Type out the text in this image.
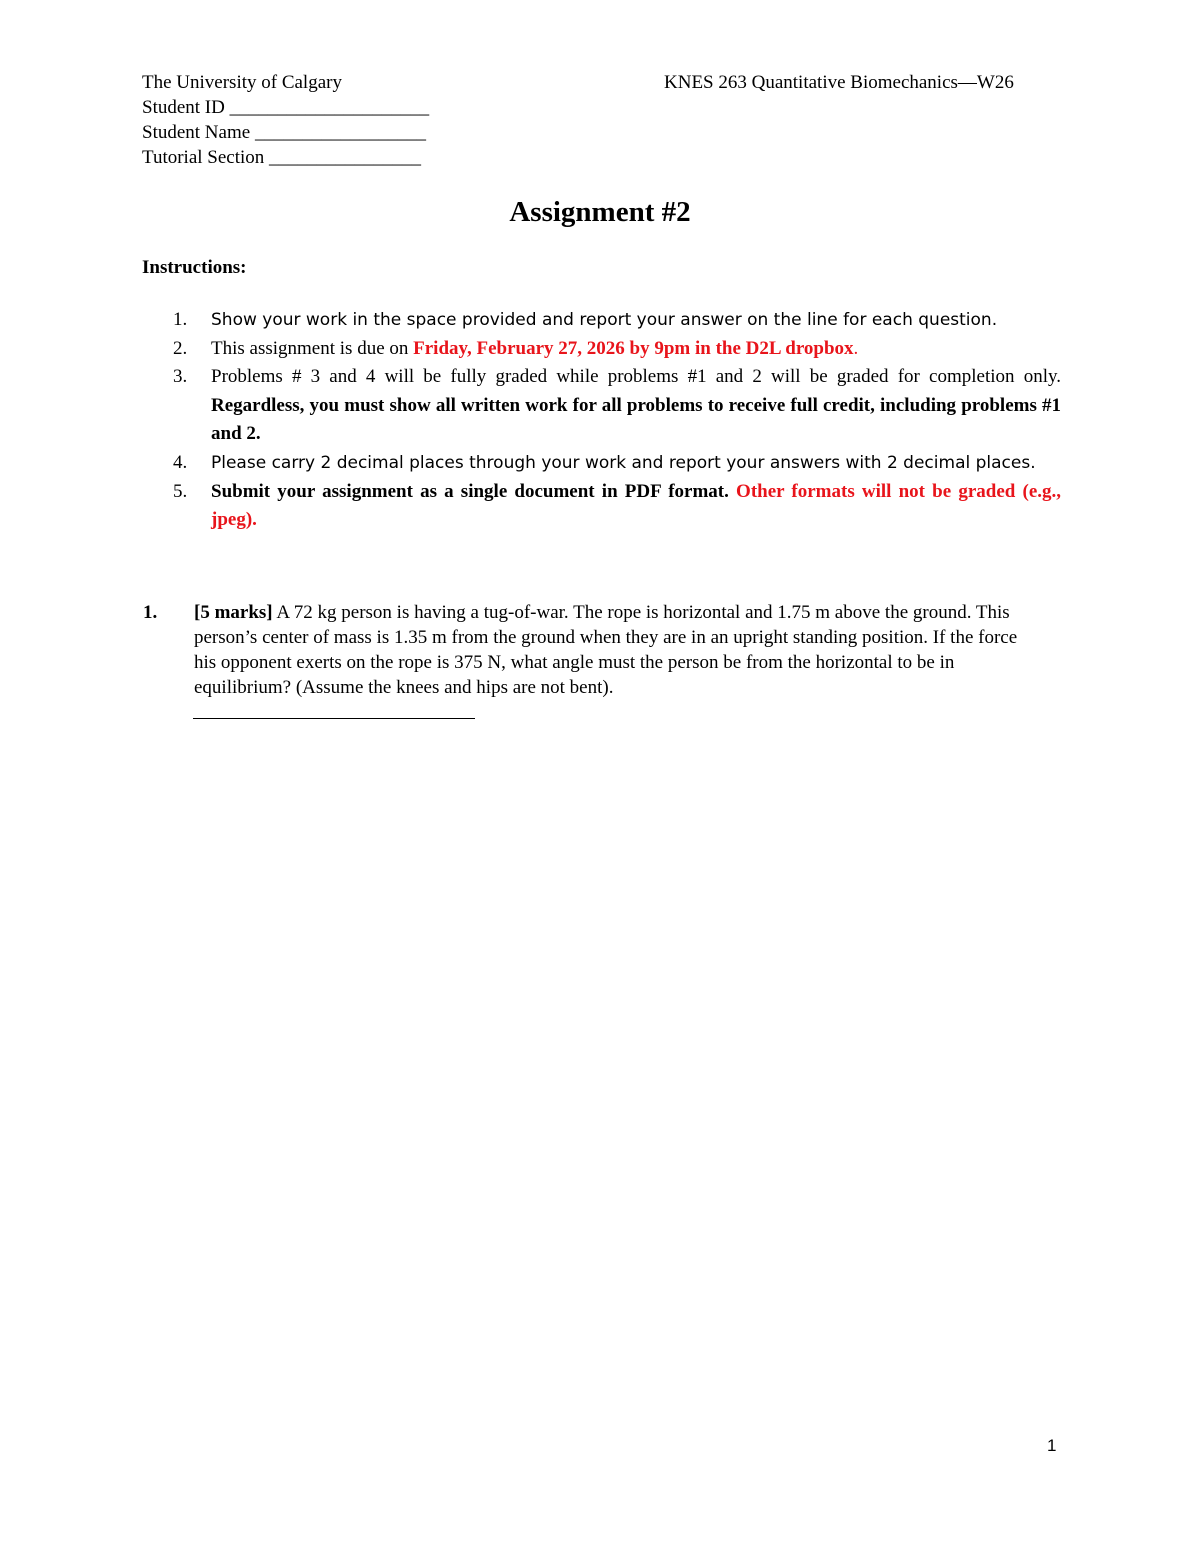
The University of Calgary	KNES 263 Quantitative Biomechanics—W26
Student ID _____________________
Student Name __________________
Tutorial Section ________________
Assignment #2
Instructions:
1. Show your work in the space provided and report your answer on the line for each question.
2. This assignment is due on Friday, February 27, 2026 by 9pm in the D2L dropbox.
3. Problems # 3 and 4 will be fully graded while problems #1 and 2 will be graded for completion only. Regardless, you must show all written work for all problems to receive full credit, including problems #1 and 2.
4. Please carry 2 decimal places through your work and report your answers with 2 decimal places.
5. Submit your assignment as a single document in PDF format. Other formats will not be graded (e.g., jpeg).
1. [5 marks] A 72 kg person is having a tug-of-war. The rope is horizontal and 1.75 m above the ground. This person’s center of mass is 1.35 m from the ground when they are in an upright standing position. If the force his opponent exerts on the rope is 375 N, what angle must the person be from the horizontal to be in equilibrium? (Assume the knees and hips are not bent).
1
